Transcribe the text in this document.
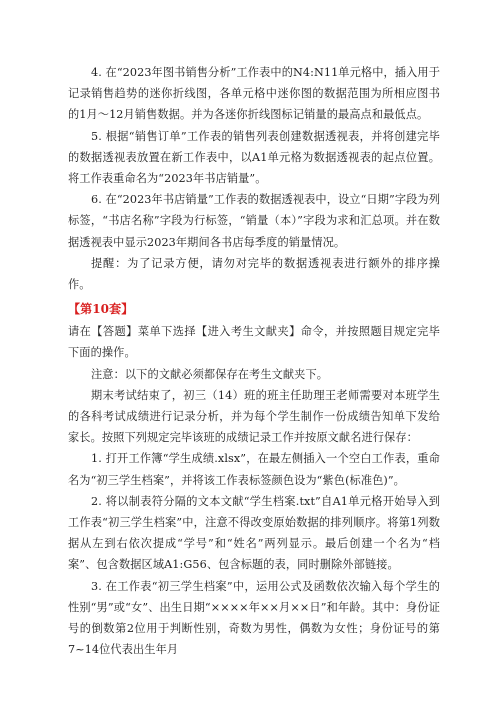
4. 在“2023年图书销售分析”工作表中的N4:N11单元格中，插入用于记录销售趋势的迷你折线图，各单元格中迷你图的数据范围为所相应图书的1月～12月销售数据。并为各迷你折线图标记销量的最高点和最低点。

5. 根据“销售订单”工作表的销售列表创建数据透视表，并将创建完毕的数据透视表放置在新工作表中，以A1单元格为数据透视表的起点位置。将工作表重命名为“2023年书店销量”。

6. 在“2023年书店销量”工作表的数据透视表中，设立“日期”字段为列标签，“书店名称”字段为行标签，“销量（本）”字段为求和汇总项。并在数据透视表中显示2023年期间各书店每季度的销量情况。

提醒：为了记录方便，请勿对完毕的数据透视表进行额外的排序操作。

【第10套】

请在【答题】菜单下选择【进入考生文献夹】命令，并按照题目规定完毕下面的操作。

注意：以下的文献必须都保存在考生文献夹下。

期末考试结束了，初三（14）班的班主任助理王老师需要对本班学生的各科考试成绩进行记录分析，并为每个学生制作一份成绩告知单下发给家长。按照下列规定完毕该班的成绩记录工作并按原文献名进行保存：

1. 打开工作簿“学生成绩.xlsx”，在最左侧插入一个空白工作表，重命名为“初三学生档案”，并将该工作表标签颜色设为“紫色(标准色)”。

2. 将以制表符分隔的文本文献“学生档案.txt”自A1单元格开始导入到工作表“初三学生档案”中，注意不得改变原始数据的排列顺序。将第1列数据从左到右依次提成“学号”和“姓名”两列显示。最后创建一个名为“档案”、包含数据区域A1:G56、包含标题的表，同时删除外部链接。

3. 在工作表“初三学生档案”中，运用公式及函数依次输入每个学生的性别“男”或“女”、出生日期“××××年××月××日”和年龄。其中：身份证号的倒数第2位用于判断性别，奇数为男性，偶数为女性；身份证号的第7~14位代表出生年月
